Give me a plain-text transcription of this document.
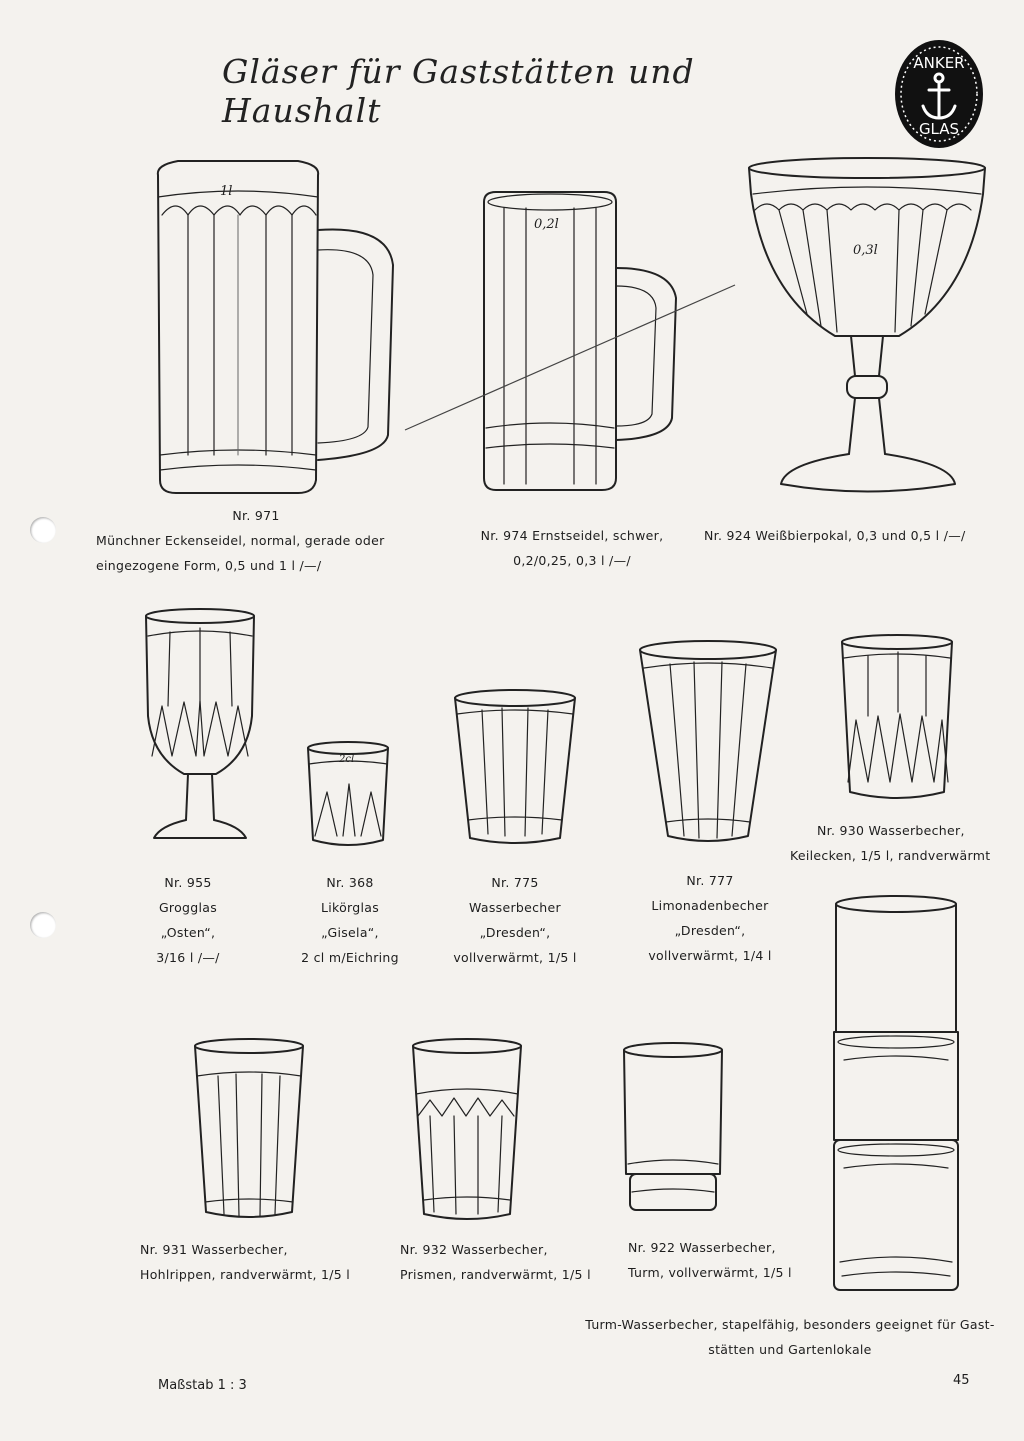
Gläser für Gaststätten und Haushalt
ANKER
GLAS
1l
0,2l
0,3l
Nr. 971
Münchner Eckenseidel, normal, gerade oder
eingezogene Form, 0,5 und 1 l /—/
Nr. 974 Ernstseidel, schwer,
0,2/0,25, 0,3 l /—/
Nr. 924 Weißbierpokal, 0,3 und 0,5 l /—/
2cl
Nr. 930 Wasserbecher,
Keilecken, 1/5 l, randverwärmt
Nr. 955
Grogglas
„Osten“,
3/16 l /—/
Nr. 368
Likörglas
„Gisela“,
2 cl m/Eichring
Nr. 775
Wasserbecher
„Dresden“,
vollverwärmt, 1/5 l
Nr. 777
Limonadenbecher
„Dresden“,
vollverwärmt, 1/4 l
Nr. 931 Wasserbecher,
Hohlrippen, randverwärmt, 1/5 l
Nr. 932 Wasserbecher,
Prismen, randverwärmt, 1/5 l
Nr. 922 Wasserbecher,
Turm, vollverwärmt, 1/5 l
Turm-Wasserbecher, stapelfähig, besonders geeignet für Gast-
stätten und Gartenlokale
Maßstab 1 : 3	45
